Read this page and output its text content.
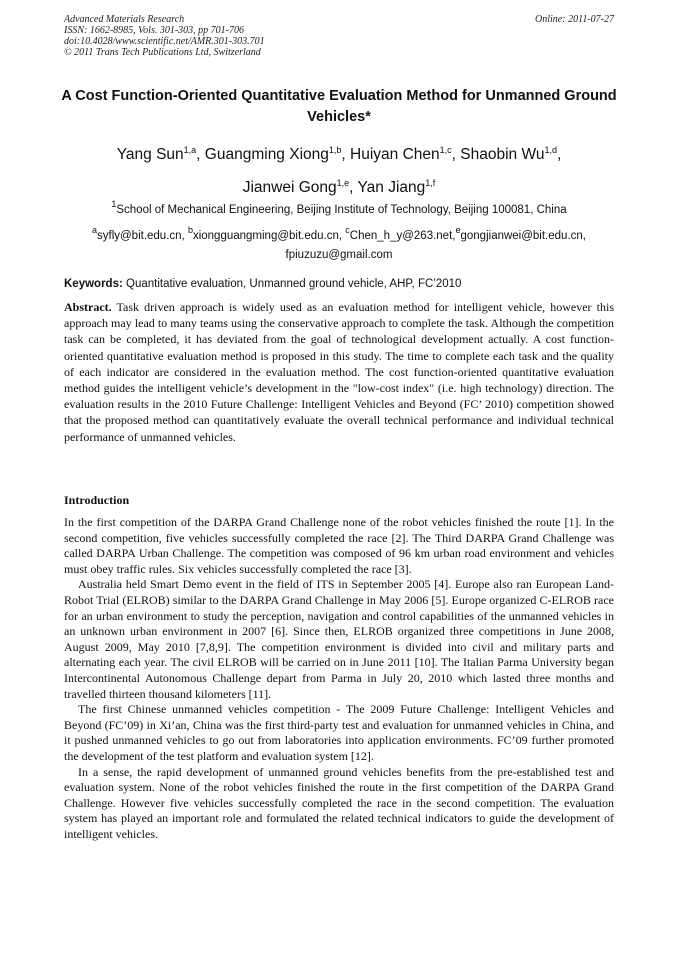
Advanced Materials Research
ISSN: 1662-8985, Vols. 301-303, pp 701-706
doi:10.4028/www.scientific.net/AMR.301-303.701
© 2011 Trans Tech Publications Ltd, Switzerland
Online: 2011-07-27
A Cost Function-Oriented Quantitative Evaluation Method for Unmanned Ground Vehicles*
Yang Sun$^{1,a}$, Guangming Xiong$^{1,b}$, Huiyan Chen$^{1,c}$, Shaobin Wu$^{1,d}$,
Jianwei Gong$^{1,e}$, Yan Jiang$^{1,f}$
$^1$School of Mechanical Engineering, Beijing Institute of Technology, Beijing 100081, China
$^a$syfly@bit.edu.cn, $^b$xiongguangming@bit.edu.cn, $^c$Chen_h_y@263.net,$^e$gongjianwei@bit.edu.cn,
fpiuzuzu@gmail.com
Keywords: Quantitative evaluation, Unmanned ground vehicle, AHP, FC’2010
Abstract. Task driven approach is widely used as an evaluation method for intelligent vehicle, however this approach may lead to many teams using the conservative approach to complete the task. Although the competition task can be completed, it has deviated from the goal of technological development actually. A cost function-oriented quantitative evaluation method is proposed in this study. The time to complete each task and the quality of each indicator are considered in the evaluation method. The cost function-oriented quantitative evaluation method guides the intelligent vehicle’s development in the "low-cost index" (i.e. high technology) direction. The evaluation results in the 2010 Future Challenge: Intelligent Vehicles and Beyond (FC’ 2010) competition showed that the proposed method can quantitatively evaluate the overall technical performance and individual technical performance of unmanned vehicles.
Introduction

In the first competition of the DARPA Grand Challenge none of the robot vehicles finished the route [1]. In the second competition, five vehicles successfully completed the race [2]. The Third DARPA Grand Challenge was called DARPA Urban Challenge. The competition was composed of 96 km urban road environment and vehicles must obey traffic rules. Six vehicles successfully completed the race [3].

Australia held Smart Demo event in the field of ITS in September 2005 [4]. Europe also ran European Land-Robot Trial (ELROB) similar to the DARPA Grand Challenge in May 2006 [5]. Europe organized C-ELROB race for an urban environment to study the perception, navigation and control capabilities of the unmanned vehicles in an unknown urban environment in 2007 [6]. Since then, ELROB organized three competitions in June 2008, August 2009, May 2010 [7,8,9]. The competition environment is divided into civil and military parts and alternating each year. The civil ELROB will be carried on in June 2011 [10]. The Italian Parma University began Intercontinental Autonomous Challenge depart from Parma in July 20, 2010 which lasted three months and travelled thirteen thousand kilometers [11].

The first Chinese unmanned vehicles competition - The 2009 Future Challenge: Intelligent Vehicles and Beyond (FC’09) in Xi’an, China was the first third-party test and evaluation for unmanned vehicles in China, and it pushed unmanned vehicles to go out from laboratories into application environments. FC’09 further promoted the development of the test platform and evaluation system [12].

In a sense, the rapid development of unmanned ground vehicles benefits from the pre-established test and evaluation system. None of the robot vehicles finished the route in the first competition of the DARPA Grand Challenge. However five vehicles successfully completed the race in the second competition. The evaluation system has played an important role and formulated the related technical indicators to guide the development of intelligent vehicles.
